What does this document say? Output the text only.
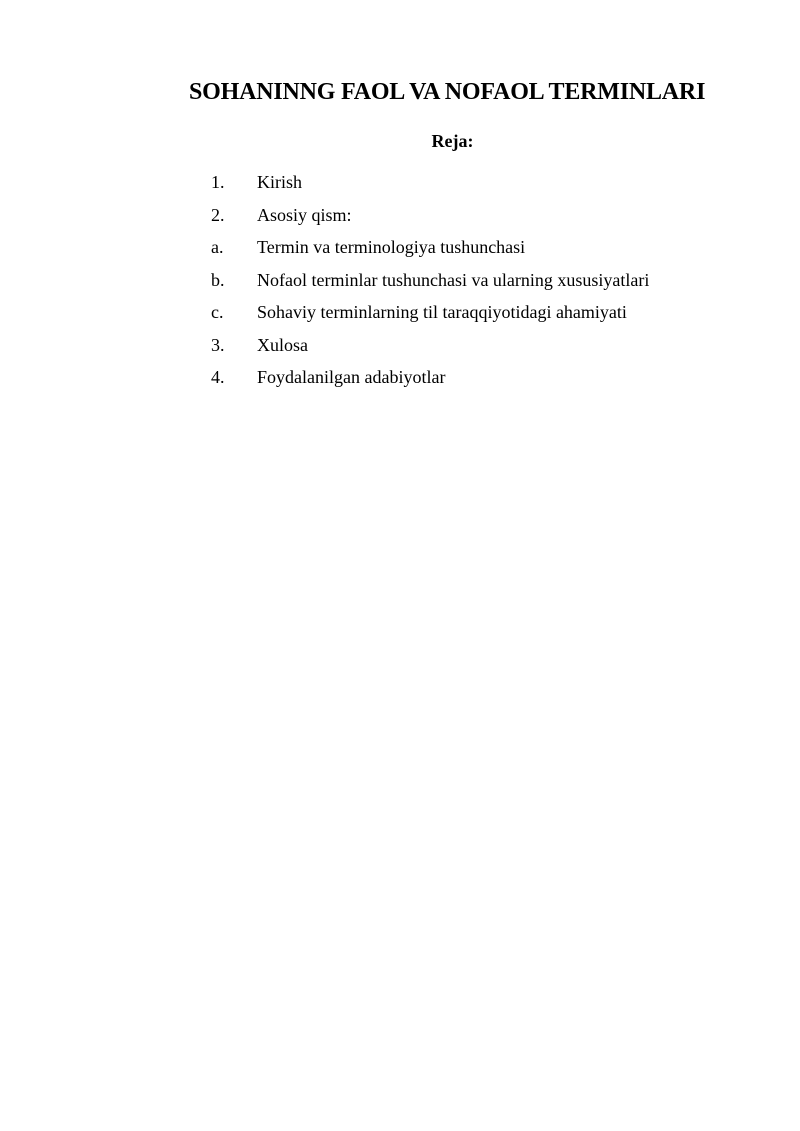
SOHANINNG FAOL VA NOFAOL TERMINLARI
Reja:
1.	Kirish
2.	Asosiy qism:
a.	Termin va terminologiya tushunchasi
b.	Nofaol terminlar tushunchasi va ularning xususiyatlari
c.	Sohaviy terminlarning til taraqqiyotidagi ahamiyati
3.	Xulosa
4.	Foydalanilgan adabiyotlar
